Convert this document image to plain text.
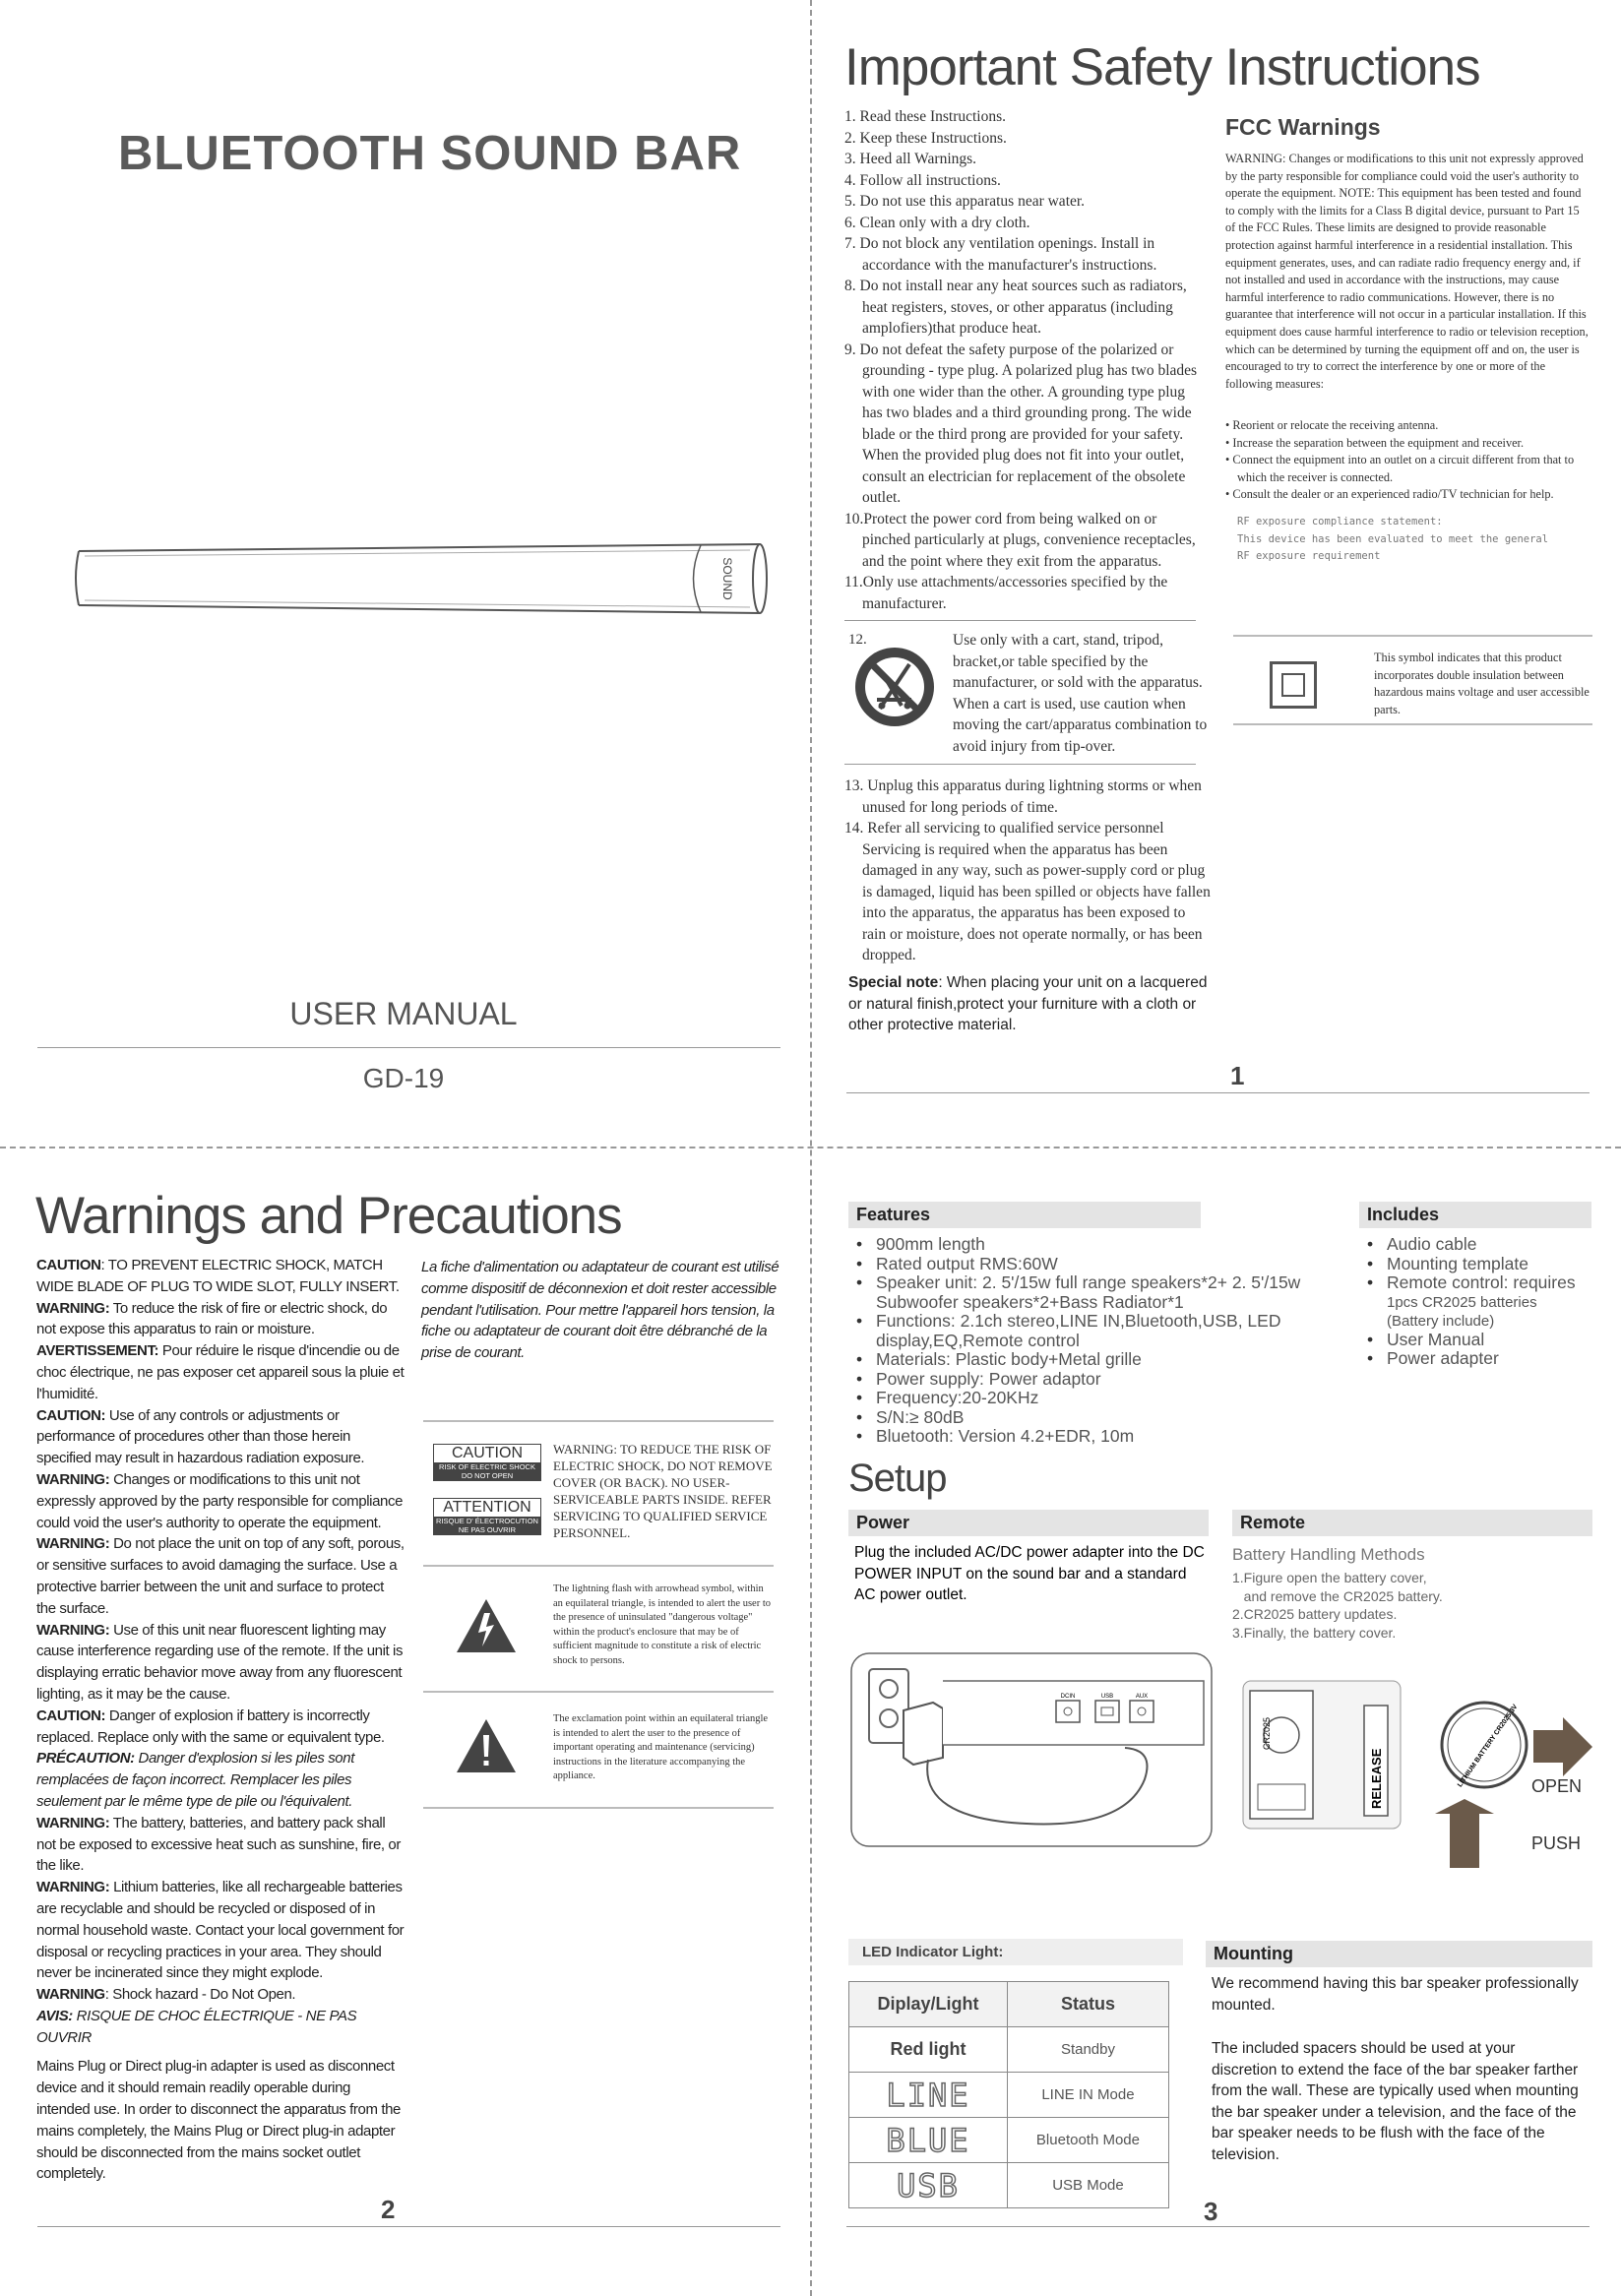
BLUETOOTH SOUND BAR
SOUND
USER MANUAL
GD-19
Important Safety Instructions
1. Read these Instructions.
2. Keep these Instructions.
3. Heed all Warnings.
4. Follow all instructions.
5. Do not use this apparatus near water.
6. Clean only with a dry cloth.
7. Do not block any ventilation openings. Install in accordance with the manufacturer's instructions.
8. Do not install near any heat sources such as radiators, heat registers, stoves, or other apparatus (including amplofiers)that produce heat.
9. Do not defeat the safety purpose of the polarized or grounding - type plug. A polarized plug has two blades with one wider than the other. A grounding type plug has two blades and a third grounding prong. The wide blade or the third prong are provided for your safety. When the provided plug does not fit into your outlet, consult an electrician for replacement of the obsolete outlet.
10.Protect the power cord from being walked on or pinched particularly at plugs, convenience receptacles, and the point where they exit from the apparatus.
11.Only use attachments/accessories specified by the manufacturer.
12.	Use only with a cart, stand, tripod, bracket,or table specified by the manufacturer, or sold with the apparatus. When a cart is used, use caution when moving the cart/apparatus combination to avoid injury from tip-over.
13. Unplug this apparatus during lightning storms or when unused for long periods of time.
14. Refer all servicing to qualified service personnel Servicing is required when the apparatus has been damaged in any way, such as power-supply cord or plug is damaged, liquid has been spilled or objects have fallen into the apparatus, the apparatus has been exposed to rain or moisture, does not operate normally, or has been dropped.
Special note: When placing your unit on a lacquered or natural finish,protect your furniture with a cloth or other protective material.
FCC Warnings
WARNING: Changes or modifications to this unit not expressly approved by the party responsible for compliance could void the user's authority to operate the equipment. NOTE: This equipment has been tested and found to comply with the limits for a Class B digital device, pursuant to Part 15 of the FCC Rules. These limits are designed to provide reasonable protection against harmful interference in a residential installation. This equipment generates, uses, and can radiate radio frequency energy and, if not installed and used in accordance with the instructions, may cause harmful interference to radio communications. However, there is no guarantee that interference will not occur in a particular installation. If this equipment does cause harmful interference to radio or television reception, which can be determined by turning the equipment off and on, the user is encouraged to try to correct the interference by one or more of the following measures:
• Reorient or relocate the receiving antenna.
• Increase the separation between the equipment and receiver.
• Connect the equipment into an outlet on a circuit different from that to which the receiver is connected.
• Consult the dealer or an experienced radio/TV technician for help.
RF exposure compliance statement:
This device has been evaluated to meet the general
RF exposure requirement
This symbol indicates that this product incorporates double insulation between hazardous mains voltage and user accessible parts.
1
Warnings and Precautions

CAUTION: TO PREVENT ELECTRIC SHOCK, MATCH WIDE BLADE OF PLUG TO WIDE SLOT, FULLY INSERT.

WARNING: To reduce the risk of fire or electric shock, do not expose this apparatus to rain or moisture.

AVERTISSEMENT: Pour réduire le risque d'incendie ou de choc électrique, ne pas exposer cet appareil sous la pluie et l'humidité.

CAUTION: Use of any controls or adjustments or performance of procedures other than those herein specified may result in hazardous radiation exposure.

WARNING: Changes or modifications to this unit not expressly approved by the party responsible for compliance could void the user's authority to operate the equipment.

WARNING: Do not place the unit on top of any soft, porous, or sensitive surfaces to avoid damaging the surface. Use a protective barrier between the unit and surface to protect the surface.

WARNING: Use of this unit near fluorescent lighting may cause interference regarding use of the remote. If the unit is displaying erratic behavior move away from any fluorescent lighting, as it may be the cause.

CAUTION: Danger of explosion if battery is incorrectly replaced. Replace only with the same or equivalent type.

PRÉCAUTION: Danger d'explosion si les piles sont remplacées de façon incorrect. Remplacer les piles seulement par le même type de pile ou l'équivalent.

WARNING: The battery, batteries, and battery pack shall not be exposed to excessive heat such as sunshine, fire, or the like.

WARNING: Lithium batteries, like all rechargeable batteries are recyclable and should be recycled or disposed of in normal household waste. Contact your local government for disposal or recycling practices in your area. They should never be incinerated since they might explode.

WARNING: Shock hazard - Do Not Open.

AVIS: RISQUE DE CHOC ÉLECTRIQUE - NE PAS OUVRIR

Mains Plug or Direct plug-in adapter is used as disconnect device and it should remain readily operable during intended use. In order to disconnect the apparatus from the mains completely, the Mains Plug or Direct plug-in adapter should be disconnected from the mains socket outlet completely.

La fiche d'alimentation ou adaptateur de courant est utilisé comme dispositif de déconnexion et doit rester accessible pendant l'utilisation. Pour mettre l'appareil hors tension, la fiche ou adaptateur de courant doit être débranché de la prise de courant.
CAUTION
RISK OF ELECTRIC SHOCK
DO NOT OPEN
ATTENTION
RISQUE D' ÉLECTROCUTION
NE PAS OUVRIR
WARNING: TO REDUCE THE RISK OF ELECTRIC SHOCK, DO NOT REMOVE COVER (OR BACK). NO USER-SERVICEABLE PARTS INSIDE. REFER SERVICING TO QUALIFIED SERVICE PERSONNEL.
The lightning flash with arrowhead symbol, within an equilateral triangle, is intended to alert the user to the presence of uninsulated "dangerous voltage" within the product's enclosure that may be of sufficient magnitude to constitute a risk of electric shock to persons.
The exclamation point within an equilateral triangle is intended to alert the user to the presence of important operating and maintenance (servicing) instructions in the literature accompanying the appliance.
2
Features
• 900mm length
• Rated output RMS:60W
• Speaker unit: 2. 5'/15w full range speakers*2+ 2. 5'/15w Subwoofer speakers*2+Bass Radiator*1
• Functions: 2.1ch stereo,LINE IN,Bluetooth,USB, LED display,EQ,Remote control
• Materials: Plastic body+Metal grille
• Power supply: Power adaptor
• Frequency:20-20KHz
• S/N:≥ 80dB
• Bluetooth: Version 4.2+EDR, 10m
Includes
• Audio cable
• Mounting template
• Remote control: requires
1pcs CR2025 batteries
(Battery include)
• User Manual
• Power adapter
Setup
Power
Plug the included AC/DC power adapter into the DC POWER INPUT on the sound bar and a standard AC power outlet.
DCIN	USB	AUX
Remote
Battery Handling Methods
1.Figure open the battery cover,
and remove the CR2025 battery.
2.CR2025 battery updates.
3.Finally, the battery cover.
CR2025
RELEASE	LITHIUM BATTERY CR2025 3V OPEN
PUSH
LED Indicator Light:
Diplay/Light	Status
Red light	Standby
LINE	LINE IN Mode
BLUE	Bluetooth Mode
USB	USB Mode
Mounting
We recommend having this bar speaker professionally mounted.
The included spacers should be used at your discretion to extend the face of the bar speaker farther from the wall. These are typically used when mounting the bar speaker under a television, and the face of the bar speaker needs to be flush with the face of the television.
3
